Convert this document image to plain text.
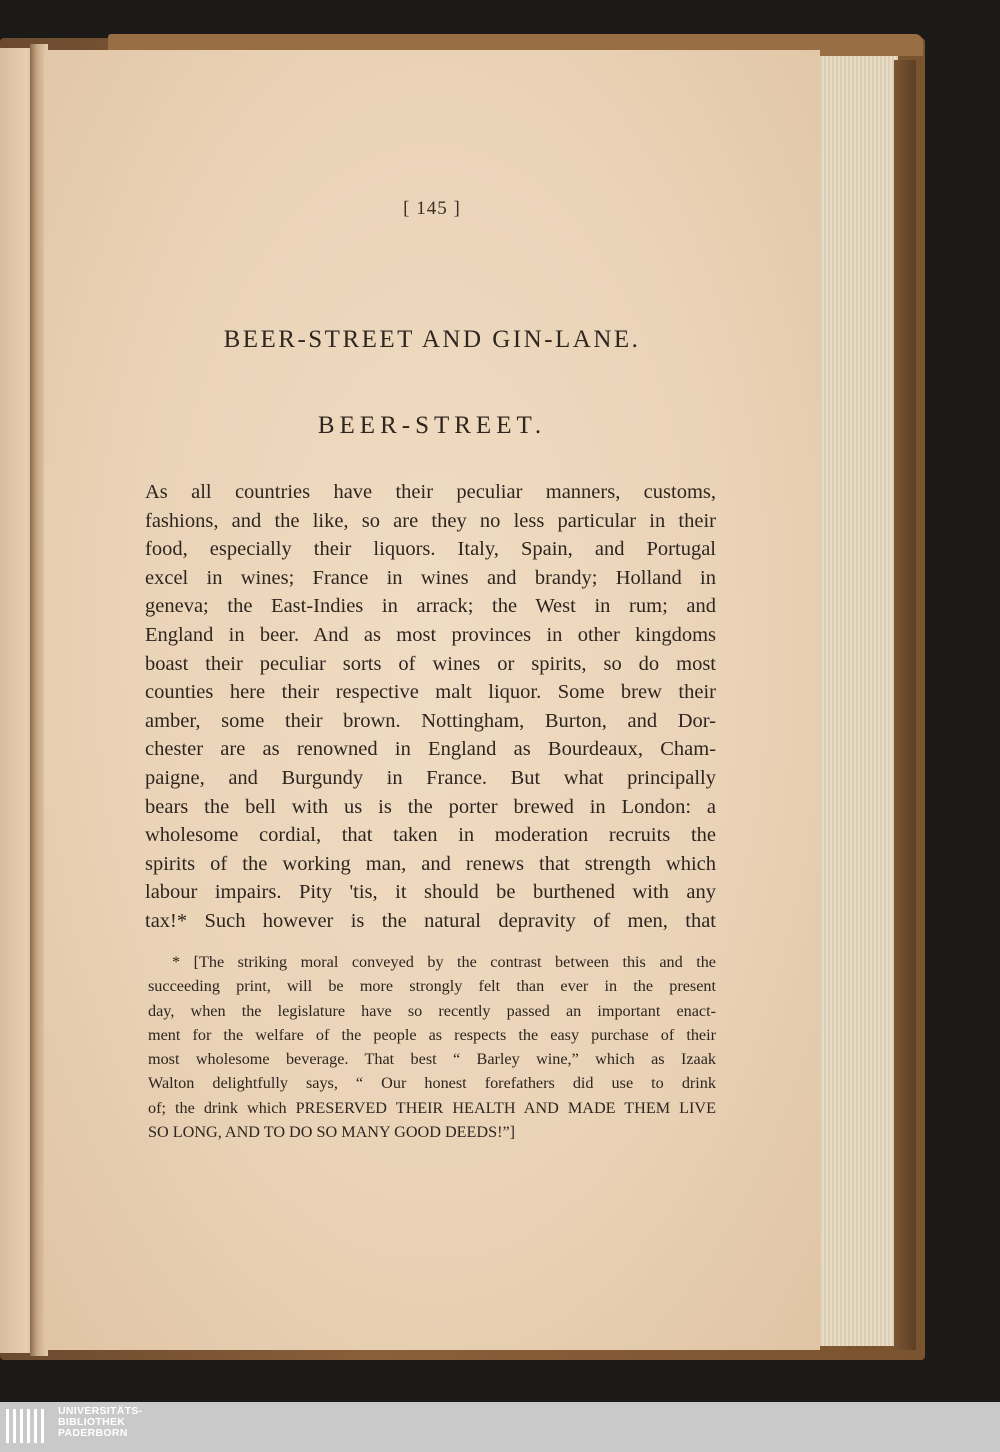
[ 145 ]
BEER-STREET AND GIN-LANE.
BEER-STREET.
As all countries have their peculiar manners, customs,
fashions, and the like, so are they no less particular in their
food, especially their liquors. Italy, Spain, and Portugal
excel in wines; France in wines and brandy; Holland in
geneva; the East-Indies in arrack; the West in rum; and
England in beer. And as most provinces in other kingdoms
boast their peculiar sorts of wines or spirits, so do most
counties here their respective malt liquor. Some brew their
amber, some their brown. Nottingham, Burton, and Dor-
chester are as renowned in England as Bourdeaux, Cham-
paigne, and Burgundy in France. But what principally
bears the bell with us is the porter brewed in London: a
wholesome cordial, that taken in moderation recruits the
spirits of the working man, and renews that strength which
labour impairs. Pity 'tis, it should be burthened with any
tax!* Such however is the natural depravity of men, that
* [The striking moral conveyed by the contrast between this and the
succeeding print, will be more strongly felt than ever in the present
day, when the legislature have so recently passed an important enact-
ment for the welfare of the people as respects the easy purchase of their
most wholesome beverage. That best “ Barley wine,” which as Izaak
Walton delightfully says, “ Our honest forefathers did use to drink
of; the drink which PRESERVED THEIR HEALTH AND MADE THEM LIVE
SO LONG, AND TO DO SO MANY GOOD DEEDS!”]
UNIVERSITÄTS-
BIBLIOTHEK
PADERBORN
